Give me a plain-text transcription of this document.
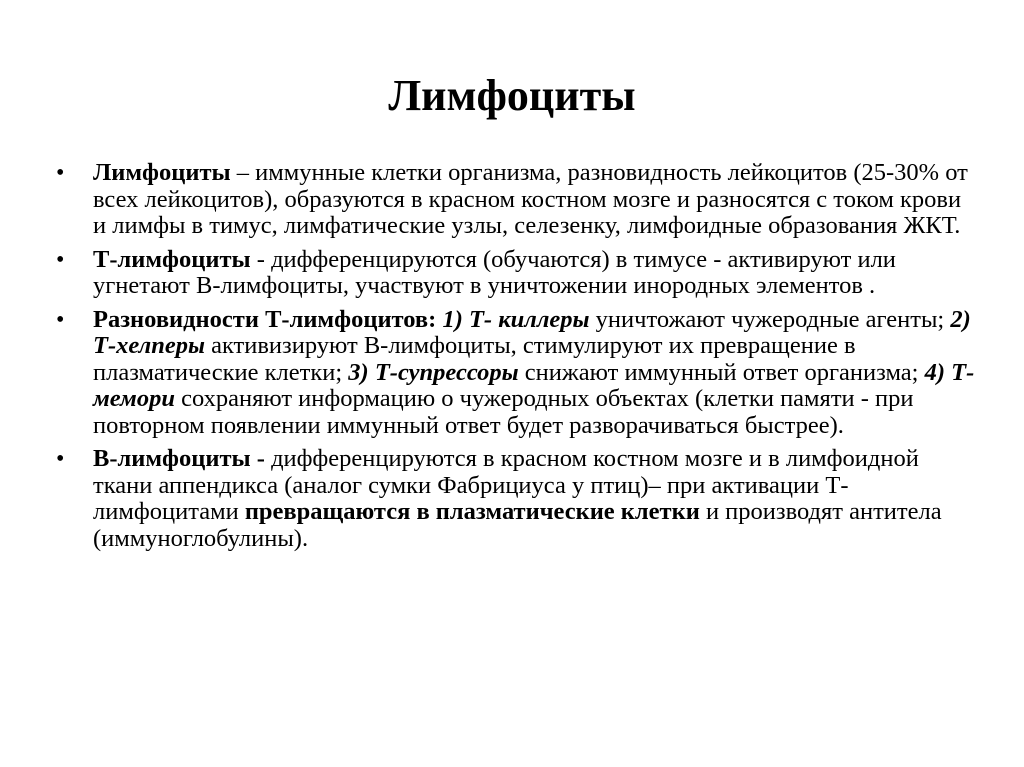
Лимфоциты
•	Лимфоциты – иммунные клетки организма, разновидность лейкоцитов (25-30% от всех лейкоцитов), образуются в красном костном мозге и разносятся с током крови и лимфы в тимус, лимфатические узлы, селезенку, лимфоидные образования ЖКТ.
•	Т-лимфоциты - дифференцируются (обучаются) в тимусе - активируют или угнетают В-лимфоциты, участвуют в уничтожении инородных элементов .
•	Разновидности Т-лимфоцитов: 1) Т- киллеры уничтожают чужеродные агенты; 2) Т-хелперы активизируют В-лимфоциты, стимулируют их превращение в плазматические клетки; 3) Т-супрессоры снижают иммунный ответ организма; 4) Т-мемори сохраняют информацию о чужеродных объектах (клетки памяти - при повторном появлении иммунный ответ будет разворачиваться быстрее).
•	В-лимфоциты - дифференцируются в красном костном мозге и в лимфоидной ткани аппендикса (аналог сумки Фабрициуса у птиц)– при активации Т-лимфоцитами превращаются в плазматические клетки и производят антитела (иммуноглобулины).
